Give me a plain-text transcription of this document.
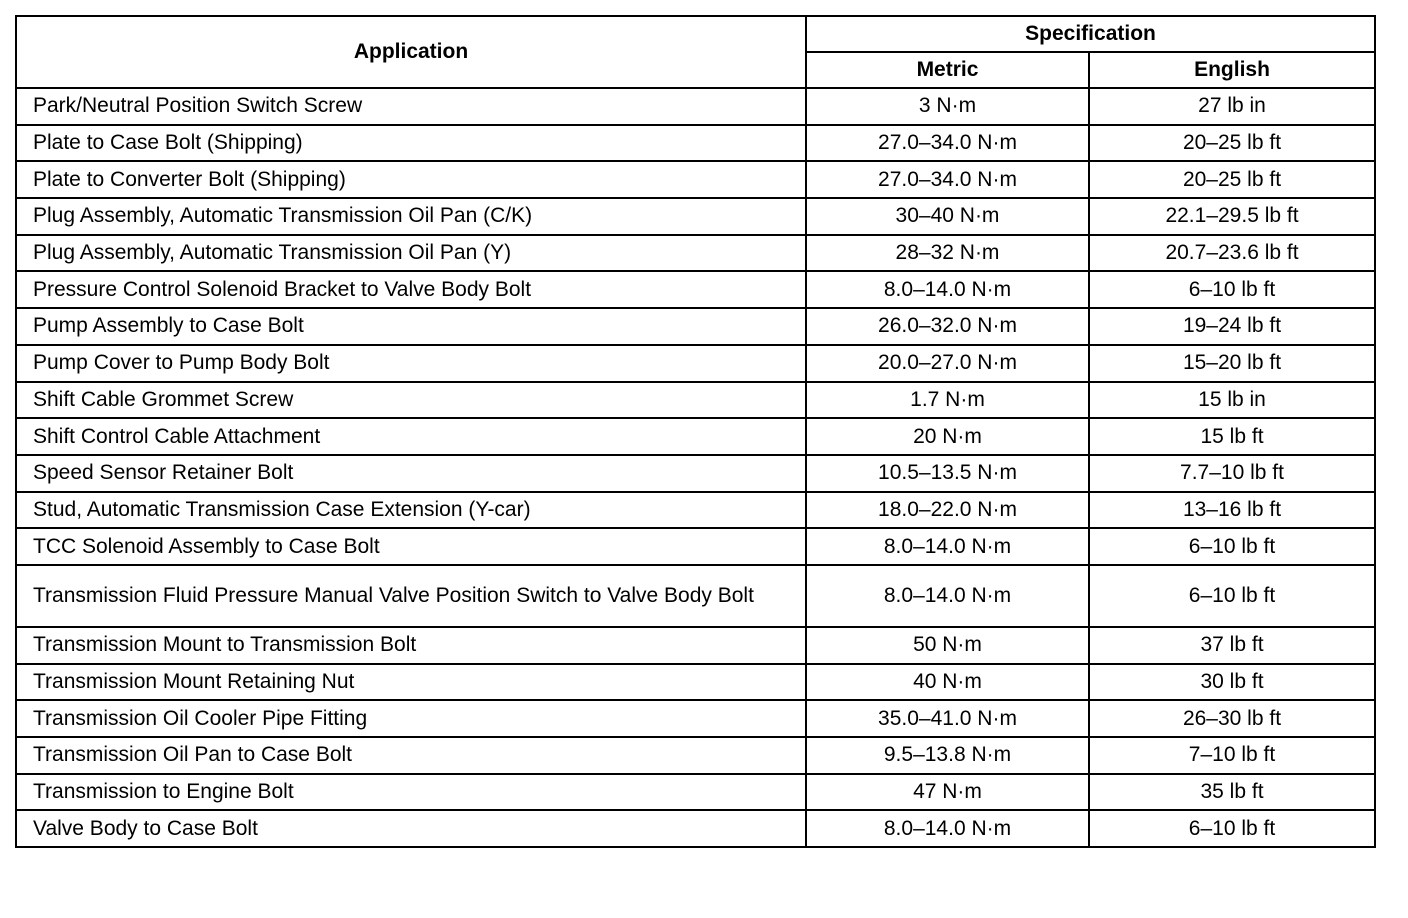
Application	Specification	
	Metric	English
Park/Neutral Position Switch Screw	3 N·m	27 lb in
Plate to Case Bolt (Shipping)	27.0–34.0 N·m	20–25 lb ft
Plate to Converter Bolt (Shipping)	27.0–34.0 N·m	20–25 lb ft
Plug Assembly, Automatic Transmission Oil Pan (C/K)	30–40 N·m	22.1–29.5 lb ft
Plug Assembly, Automatic Transmission Oil Pan (Y)	28–32 N·m	20.7–23.6 lb ft
Pressure Control Solenoid Bracket to Valve Body Bolt	8.0–14.0 N·m	6–10 lb ft
Pump Assembly to Case Bolt	26.0–32.0 N·m	19–24 lb ft
Pump Cover to Pump Body Bolt	20.0–27.0 N·m	15–20 lb ft
Shift Cable Grommet Screw	1.7 N·m	15 lb in
Shift Control Cable Attachment	20 N·m	15 lb ft
Speed Sensor Retainer Bolt	10.5–13.5 N·m	7.7–10 lb ft
Stud, Automatic Transmission Case Extension (Y-car)	18.0–22.0 N·m	13–16 lb ft
TCC Solenoid Assembly to Case Bolt	8.0–14.0 N·m	6–10 lb ft
Transmission Fluid Pressure Manual Valve Position Switch to Valve Body Bolt	8.0–14.0 N·m	6–10 lb ft
Transmission Mount to Transmission Bolt	50 N·m	37 lb ft
Transmission Mount Retaining Nut	40 N·m	30 lb ft
Transmission Oil Cooler Pipe Fitting	35.0–41.0 N·m	26–30 lb ft
Transmission Oil Pan to Case Bolt	9.5–13.8 N·m	7–10 lb ft
Transmission to Engine Bolt	47 N·m	35 lb ft
Valve Body to Case Bolt	8.0–14.0 N·m	6–10 lb ft
